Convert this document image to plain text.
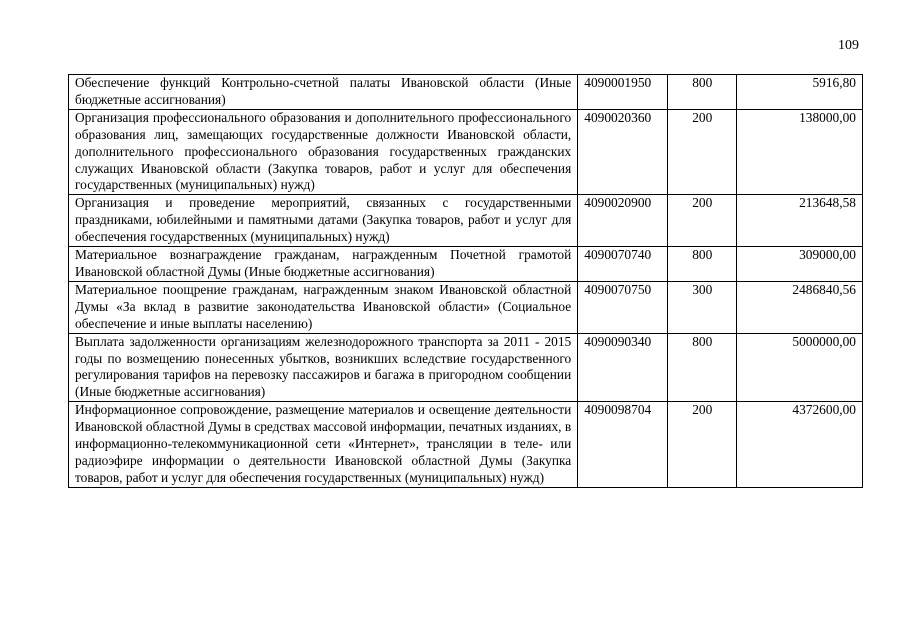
109
Обеспечение функций Контрольно-счетной палаты Ивановской области (Иные бюджетные ассигнования)	4090001950	800	5916,80

Организация профессионального образования и дополнительного профессионального образования лиц, замещающих государственные должности Ивановской области, дополнительного профессионального образования государственных гражданских служащих Ивановской области (Закупка товаров, работ и услуг для обеспечения государственных (муниципальных) нужд)	4090020360	200	138000,00

Организация и проведение мероприятий, связанных с государственными праздниками, юбилейными и памятными датами (Закупка товаров, работ и услуг для обеспечения государственных (муниципальных) нужд)	4090020900	200	213648,58

Материальное вознаграждение гражданам, награжденным Почетной грамотой Ивановской областной Думы (Иные бюджетные ассигнования)	4090070740	800	309000,00

Материальное поощрение гражданам, награжденным знаком Ивановской областной Думы «За вклад в развитие законодательства Ивановской области» (Социальное обеспечение и иные выплаты населению)	4090070750	300	2486840,56

Выплата задолженности организациям железнодорожного транспорта за 2011 - 2015 годы по возмещению понесенных убытков, возникших вследствие государственного регулирования тарифов на перевозку пассажиров и багажа в пригородном сообщении (Иные бюджетные ассигнования)	4090090340	800	5000000,00

Информационное сопровождение, размещение материалов и освещение деятельности Ивановской областной Думы в средствах массовой информации, печатных изданиях, в информационно-телекоммуникационной сети «Интернет», трансляции в теле- или радиоэфире информации о деятельности Ивановской областной Думы (Закупка товаров, работ и услуг для обеспечения государственных (муниципальных) нужд)	4090098704	200	4372600,00
